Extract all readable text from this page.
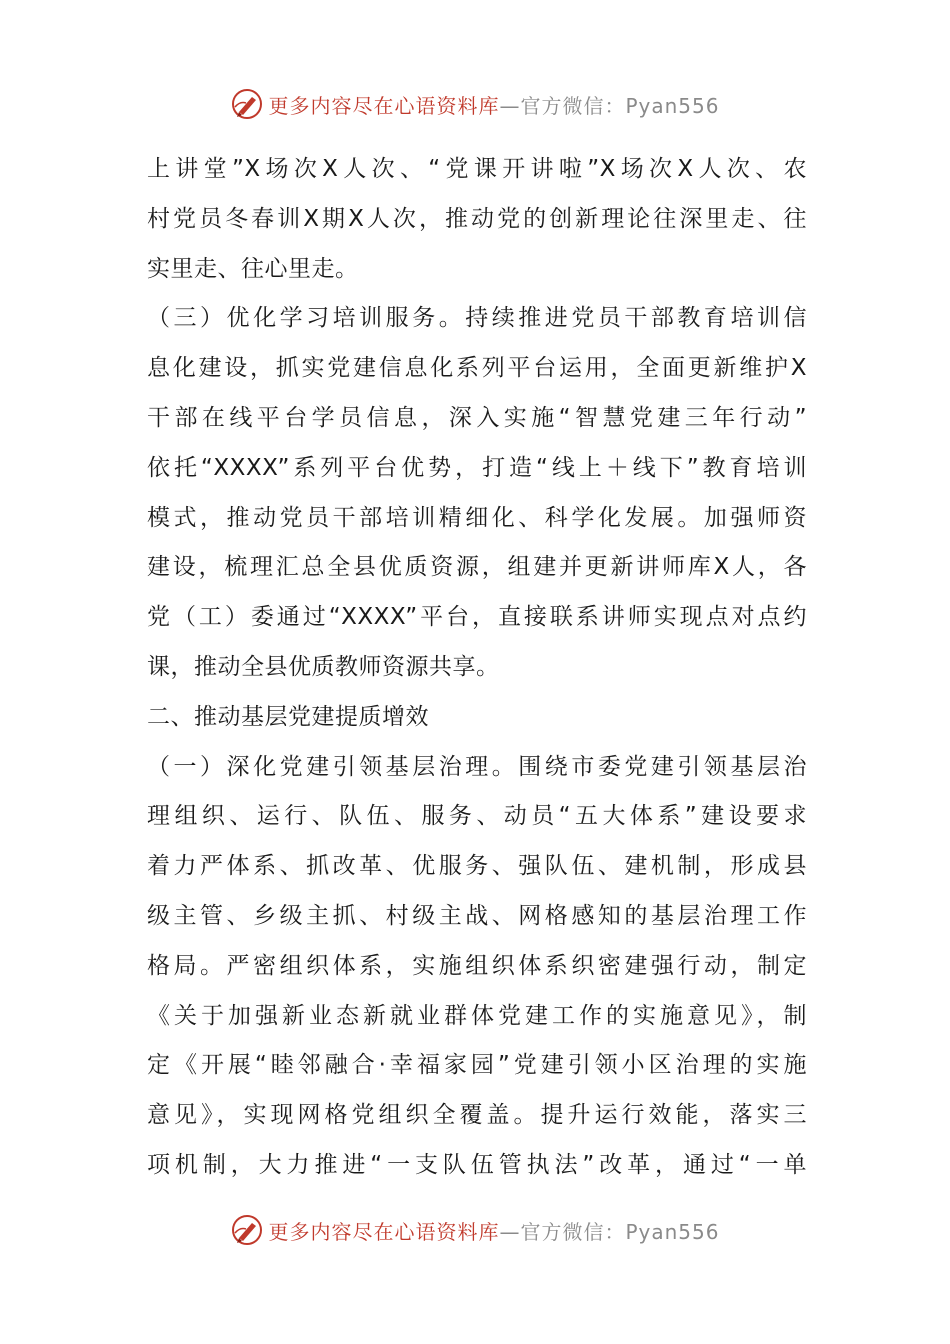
更多内容尽在心语资料库—官方微信：Pyan556
上讲堂”X场次X人次、“党课开讲啦”X场次X人次、农
村党员冬春训X期X人次，推动党的创新理论往深里走、往
实里走、往心里走。
（三）优化学习培训服务。持续推进党员干部教育培训信
息化建设，抓实党建信息化系列平台运用，全面更新维护X
干部在线平台学员信息，深入实施“智慧党建三年行动”
依托“XXXX”系列平台优势，打造“线上＋线下”教育培训
模式，推动党员干部培训精细化、科学化发展。加强师资
建设，梳理汇总全县优质资源，组建并更新讲师库X人，各
党（工）委通过“XXXX”平台，直接联系讲师实现点对点约
课，推动全县优质教师资源共享。
二、推动基层党建提质增效
（一）深化党建引领基层治理。围绕市委党建引领基层治
理组织、运行、队伍、服务、动员“五大体系”建设要求
着力严体系、抓改革、优服务、强队伍、建机制，形成县
级主管、乡级主抓、村级主战、网格感知的基层治理工作
格局。严密组织体系，实施组织体系织密建强行动，制定
《关于加强新业态新就业群体党建工作的实施意见》，制
定《开展“睦邻融合·幸福家园”党建引领小区治理的实施
意见》，实现网格党组织全覆盖。提升运行效能，落实三
项机制，大力推进“一支队伍管执法”改革，通过“一单
更多内容尽在心语资料库—官方微信：Pyan556
